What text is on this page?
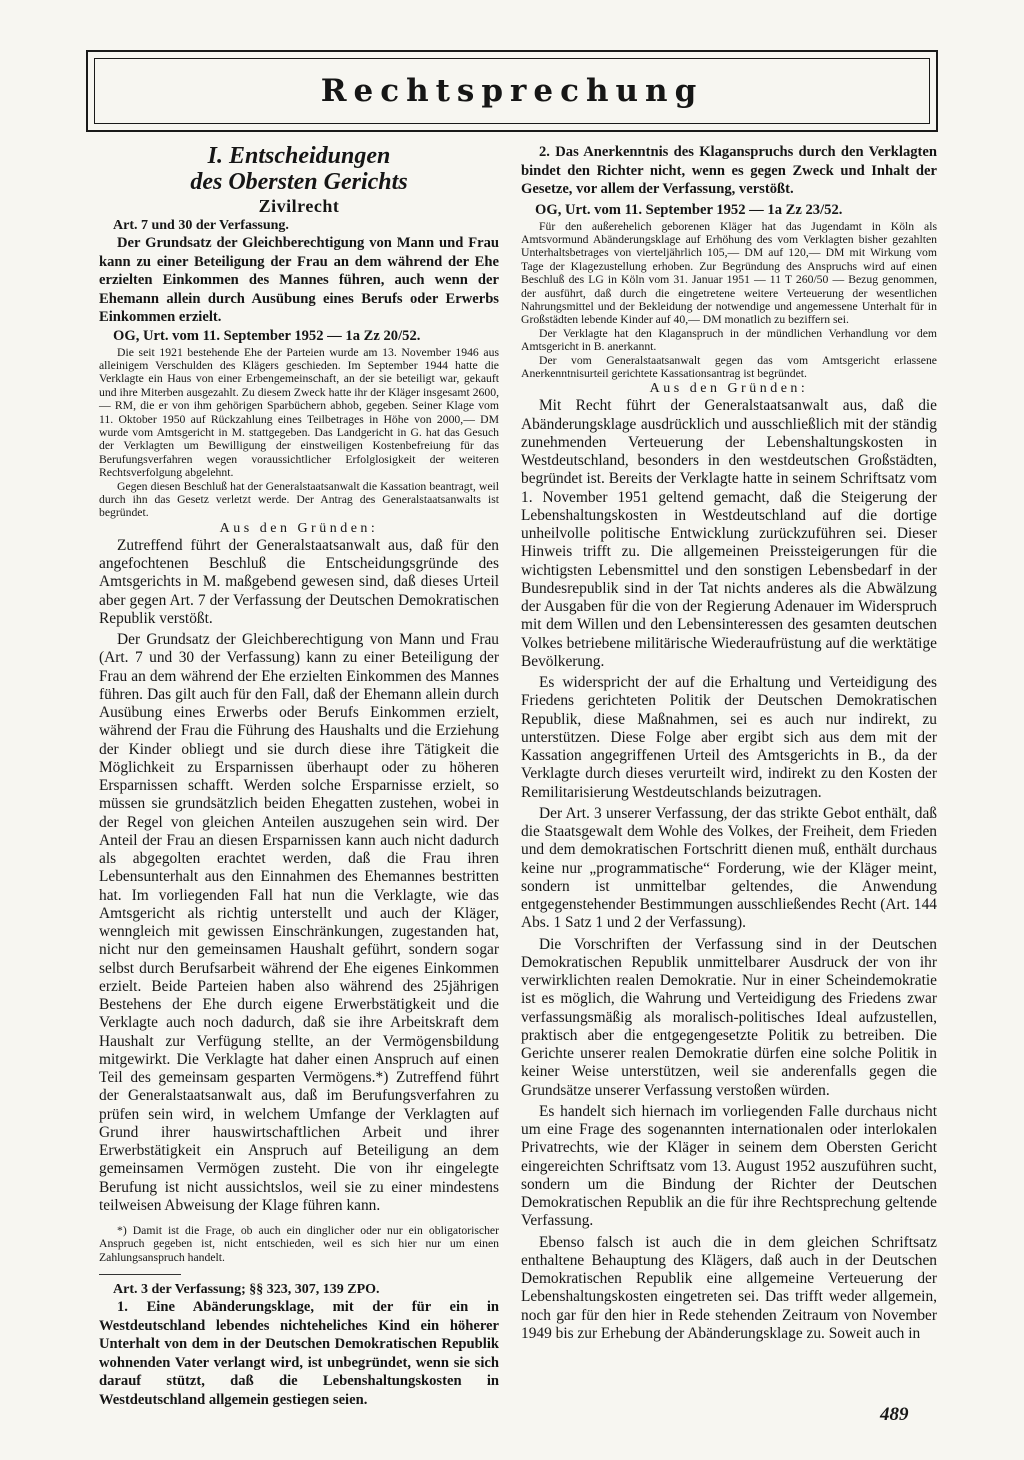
Rechtsprechung

I. Entscheidungen

des Obersten Gerichts

Zivilrecht

Art. 7 und 30 der Verfassung.

Der Grundsatz der Gleichberechtigung von Mann und Frau kann zu einer Beteiligung der Frau an dem während der Ehe erzielten Einkommen des Mannes führen, auch wenn der Ehemann allein durch Ausübung eines Berufs oder Erwerbs Einkommen erzielt.

OG, Urt. vom 11. September 1952 — 1a Zz 20/52.

Die seit 1921 bestehende Ehe der Parteien wurde am 13. November 1946 aus alleinigem Verschulden des Klägers geschieden. Im September 1944 hatte die Verklagte ein Haus von einer Erbengemeinschaft, an der sie beteiligt war, gekauft und ihre Miterben ausgezahlt. Zu diesem Zweck hatte ihr der Kläger insgesamt 2600,— RM, die er von ihm gehörigen Sparbüchern abhob, gegeben. Seiner Klage vom 11. Oktober 1950 auf Rückzahlung eines Teilbetrages in Höhe von 2000,— DM wurde vom Amtsgericht in M. stattgegeben. Das Landgericht in G. hat das Gesuch der Verklagten um Bewilligung der einstweiligen Kostenbefreiung für das Berufungsverfahren wegen voraussichtlicher Erfolglosigkeit der weiteren Rechtsverfolgung abgelehnt.

Gegen diesen Beschluß hat der Generalstaatsanwalt die Kassation beantragt, weil durch ihn das Gesetz verletzt werde. Der Antrag des Generalstaatsanwalts ist begründet.

Aus den Gründen:

Zutreffend führt der Generalstaatsanwalt aus, daß für den angefochtenen Beschluß die Entscheidungsgründe des Amtsgerichts in M. maßgebend gewesen sind, daß dieses Urteil aber gegen Art. 7 der Verfassung der Deutschen Demokratischen Republik verstößt.

Der Grundsatz der Gleichberechtigung von Mann und Frau (Art. 7 und 30 der Verfassung) kann zu einer Beteiligung der Frau an dem während der Ehe erzielten Einkommen des Mannes führen. Das gilt auch für den Fall, daß der Ehemann allein durch Ausübung eines Erwerbs oder Berufs Einkommen erzielt, während der Frau die Führung des Haushalts und die Erziehung der Kinder obliegt und sie durch diese ihre Tätigkeit die Möglichkeit zu Ersparnissen überhaupt oder zu höheren Ersparnissen schafft. Werden solche Ersparnisse erzielt, so müssen sie grundsätzlich beiden Ehegatten zustehen, wobei in der Regel von gleichen Anteilen auszugehen sein wird. Der Anteil der Frau an diesen Ersparnissen kann auch nicht dadurch als abgegolten erachtet werden, daß die Frau ihren Lebensunterhalt aus den Einnahmen des Ehemannes bestritten hat. Im vorliegenden Fall hat nun die Verklagte, wie das Amtsgericht als richtig unterstellt und auch der Kläger, wenngleich mit gewissen Einschränkungen, zugestanden hat, nicht nur den gemeinsamen Haushalt geführt, sondern sogar selbst durch Berufsarbeit während der Ehe eigenes Einkommen erzielt. Beide Parteien haben also während des 25jährigen Bestehens der Ehe durch eigene Erwerbstätigkeit und die Verklagte auch noch dadurch, daß sie ihre Arbeitskraft dem Haushalt zur Verfügung stellte, an der Vermögensbildung mitgewirkt. Die Verklagte hat daher einen Anspruch auf einen Teil des gemeinsam gesparten Vermögens.*) Zutreffend führt der Generalstaatsanwalt aus, daß im Berufungsverfahren zu prüfen sein wird, in welchem Umfange der Verklagten auf Grund ihrer hauswirtschaftlichen Arbeit und ihrer Erwerbstätigkeit ein Anspruch auf Beteiligung an dem gemeinsamen Vermögen zusteht. Die von ihr eingelegte Berufung ist nicht aussichtslos, weil sie zu einer mindestens teilweisen Abweisung der Klage führen kann.

*) Damit ist die Frage, ob auch ein dinglicher oder nur ein obligatorischer Anspruch gegeben ist, nicht entschieden, weil es sich hier nur um einen Zahlungsanspruch handelt.

Art. 3 der Verfassung; §§ 323, 307, 139 ZPO.

1. Eine Abänderungsklage, mit der für ein in Westdeutschland lebendes nichteheliches Kind ein höherer Unterhalt von dem in der Deutschen Demokratischen Republik wohnenden Vater verlangt wird, ist unbegründet, wenn sie sich darauf stützt, daß die Lebenshaltungskosten in Westdeutschland allgemein gestiegen seien.

2. Das Anerkenntnis des Klaganspruchs durch den Verklagten bindet den Richter nicht, wenn es gegen Zweck und Inhalt der Gesetze, vor allem der Verfassung, verstößt.

OG, Urt. vom 11. September 1952 — 1a Zz 23/52.

Für den außerehelich geborenen Kläger hat das Jugendamt in Köln als Amtsvormund Abänderungsklage auf Erhöhung des vom Verklagten bisher gezahlten Unterhaltsbetrages von vierteljährlich 105,— DM auf 120,— DM mit Wirkung vom Tage der Klagezustellung erhoben. Zur Begründung des Anspruchs wird auf einen Beschluß des LG in Köln vom 31. Januar 1951 — 11 T 260/50 — Bezug genommen, der ausführt, daß durch die eingetretene weitere Verteuerung der wesentlichen Nahrungsmittel und der Bekleidung der notwendige und angemessene Unterhalt für in Großstädten lebende Kinder auf 40,— DM monatlich zu beziffern sei.

Der Verklagte hat den Klaganspruch in der mündlichen Verhandlung vor dem Amtsgericht in B. anerkannt.

Der vom Generalstaatsanwalt gegen das vom Amtsgericht erlassene Anerkenntnisurteil gerichtete Kassationsantrag ist begründet.

Aus den Gründen:

Mit Recht führt der Generalstaatsanwalt aus, daß die Abänderungsklage ausdrücklich und ausschließlich mit der ständig zunehmenden Verteuerung der Lebenshaltungskosten in Westdeutschland, besonders in den westdeutschen Großstädten, begründet ist. Bereits der Verklagte hatte in seinem Schriftsatz vom 1. November 1951 geltend gemacht, daß die Steigerung der Lebenshaltungskosten in Westdeutschland auf die dortige unheilvolle politische Entwicklung zurückzuführen sei. Dieser Hinweis trifft zu. Die allgemeinen Preissteigerungen für die wichtigsten Lebensmittel und den sonstigen Lebensbedarf in der Bundesrepublik sind in der Tat nichts anderes als die Abwälzung der Ausgaben für die von der Regierung Adenauer im Widerspruch mit dem Willen und den Lebensinteressen des gesamten deutschen Volkes betriebene militärische Wiederaufrüstung auf die werktätige Bevölkerung.

Es widerspricht der auf die Erhaltung und Verteidigung des Friedens gerichteten Politik der Deutschen Demokratischen Republik, diese Maßnahmen, sei es auch nur indirekt, zu unterstützen. Diese Folge aber ergibt sich aus dem mit der Kassation angegriffenen Urteil des Amtsgerichts in B., da der Verklagte durch dieses verurteilt wird, indirekt zu den Kosten der Remilitarisierung Westdeutschlands beizutragen.

Der Art. 3 unserer Verfassung, der das strikte Gebot enthält, daß die Staatsgewalt dem Wohle des Volkes, der Freiheit, dem Frieden und dem demokratischen Fortschritt dienen muß, enthält durchaus keine nur „programmatische“ Forderung, wie der Kläger meint, sondern ist unmittelbar geltendes, die Anwendung entgegenstehender Bestimmungen ausschließendes Recht (Art. 144 Abs. 1 Satz 1 und 2 der Verfassung).

Die Vorschriften der Verfassung sind in der Deutschen Demokratischen Republik unmittelbarer Ausdruck der von ihr verwirklichten realen Demokratie. Nur in einer Scheindemokratie ist es möglich, die Wahrung und Verteidigung des Friedens zwar verfassungsmäßig als moralisch-politisches Ideal aufzustellen, praktisch aber die entgegengesetzte Politik zu betreiben. Die Gerichte unserer realen Demokratie dürfen eine solche Politik in keiner Weise unterstützen, weil sie anderenfalls gegen die Grundsätze unserer Verfassung verstoßen würden.

Es handelt sich hiernach im vorliegenden Falle durchaus nicht um eine Frage des sogenannten internationalen oder interlokalen Privatrechts, wie der Kläger in seinem dem Obersten Gericht eingereichten Schriftsatz vom 13. August 1952 auszuführen sucht, sondern um die Bindung der Richter der Deutschen Demokratischen Republik an die für ihre Rechtsprechung geltende Verfassung.

Ebenso falsch ist auch die in dem gleichen Schriftsatz enthaltene Behauptung des Klägers, daß auch in der Deutschen Demokratischen Republik eine allgemeine Verteuerung der Lebenshaltungskosten eingetreten sei. Das trifft weder allgemein, noch gar für den hier in Rede stehenden Zeitraum von November 1949 bis zur Erhebung der Abänderungsklage zu. Soweit auch in

489
